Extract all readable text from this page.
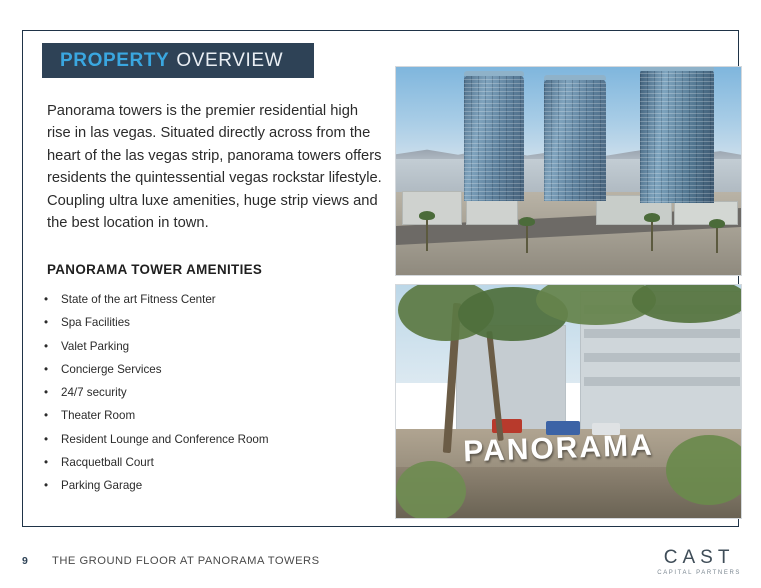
PROPERTY OVERVIEW
Panorama towers is the premier residential high rise in las vegas. Situated directly across from the heart of the las vegas strip, panorama towers offers residents the quintessential vegas rockstar lifestyle. Coupling ultra luxe amenities, huge strip views and the best location in town.
PANORAMA TOWER AMENITIES
•	State of the art Fitness Center
•	Spa Facilities
•	Valet Parking
•	Concierge Services
•	24/7 security
•	Theater Room
•	Resident Lounge and Conference Room
•	Racquetball Court
•	Parking Garage
PANORAMA
9 THE GROUND FLOOR AT PANORAMA TOWERS	CAST
CAPITAL PARTNERS
